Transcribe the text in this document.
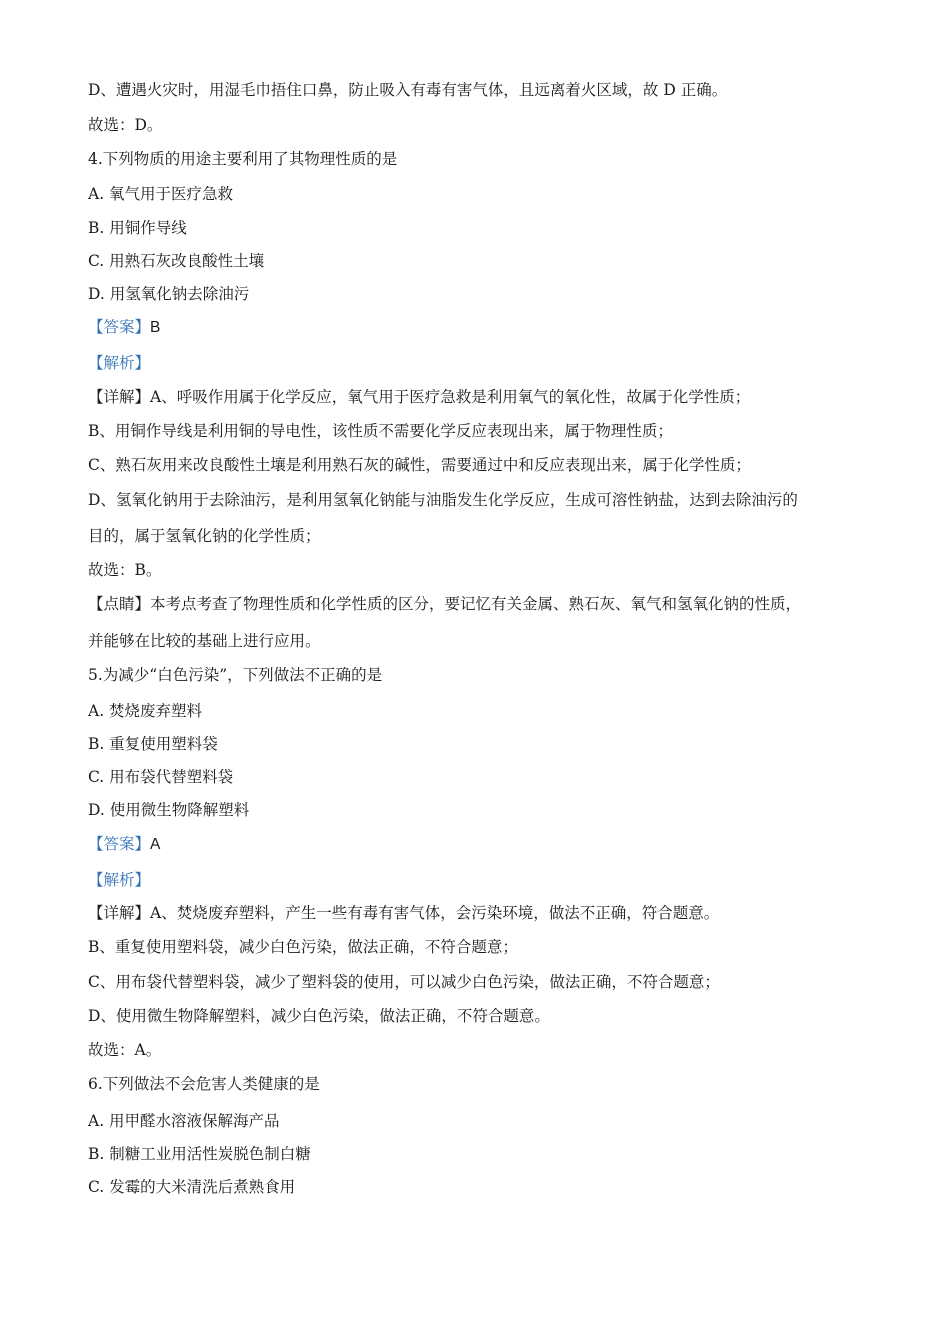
D、遭遇火灾时，用湿毛巾捂住口鼻，防止吸入有毒有害气体，且远离着火区域，故 D 正确。
故选：D。
4.下列物质的用途主要利用了其物理性质的是
A. 氧气用于医疗急救
B. 用铜作导线
C. 用熟石灰改良酸性土壤
D. 用氢氧化钠去除油污
【答案】B
【解析】
【详解】A、呼吸作用属于化学反应，氧气用于医疗急救是利用氧气的氧化性，故属于化学性质；
B、用铜作导线是利用铜的导电性，该性质不需要化学反应表现出来，属于物理性质；
C、熟石灰用来改良酸性土壤是利用熟石灰的碱性，需要通过中和反应表现出来，属于化学性质；
D、氢氧化钠用于去除油污，是利用氢氧化钠能与油脂发生化学反应，生成可溶性钠盐，达到去除油污的
目的，属于氢氧化钠的化学性质；
故选：B。
【点睛】本考点考查了物理性质和化学性质的区分，要记忆有关金属、熟石灰、氧气和氢氧化钠的性质，
并能够在比较的基础上进行应用。
5.为减少“白色污染”，下列做法不正确的是
A. 焚烧废弃塑料
B. 重复使用塑料袋
C. 用布袋代替塑料袋
D. 使用微生物降解塑料
【答案】A
【解析】
【详解】A、焚烧废弃塑料，产生一些有毒有害气体，会污染环境，做法不正确，符合题意。
B、重复使用塑料袋，减少白色污染，做法正确，不符合题意；
C、用布袋代替塑料袋，减少了塑料袋的使用，可以减少白色污染，做法正确，不符合题意；
D、使用微生物降解塑料，减少白色污染，做法正确，不符合题意。
故选：A。
6.下列做法不会危害人类健康的是
A. 用甲醛水溶液保解海产品
B. 制糖工业用活性炭脱色制白糖
C. 发霉的大米清洗后煮熟食用
